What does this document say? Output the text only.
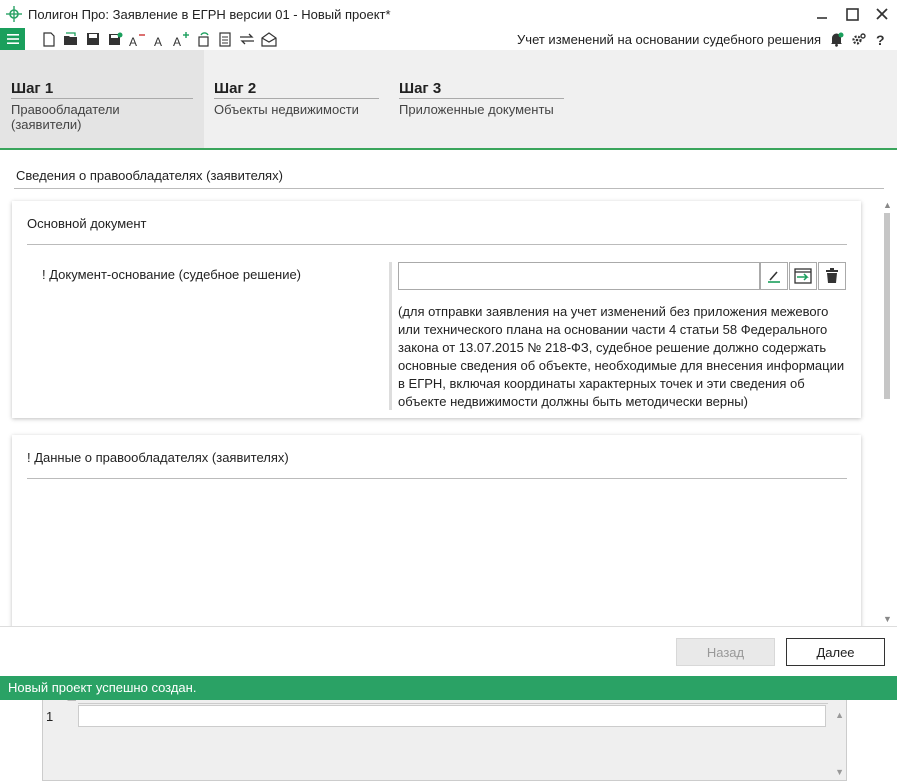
Полигон Про: Заявление в ЕГРН версии 01 - Новый проект*
A A A	Учет изменений на основании судебного решения	?
Шаг 1
Правообладатели (заявители)
Шаг 2
Объекты недвижимости
Шаг 3
Приложенные документы
Сведения о правообладателях (заявителях)
Основной документ
! Документ-основание (судебное решение)
(для отправки заявления на учет изменений без приложения межевого или технического плана на основании части 4 статьи 58 Федерального закона от 13.07.2015 № 218-ФЗ, судебное решение должно содержать основные сведения об объекте, необходимые для внесения информации в ЕГРН, включая координаты характерных точек и эти сведения об объекте недвижимости должны быть методически верны)
! Данные о правообладателях (заявителях)
1	▲
▼
▲
▼
Назад	Далее
Новый проект успешно создан.
